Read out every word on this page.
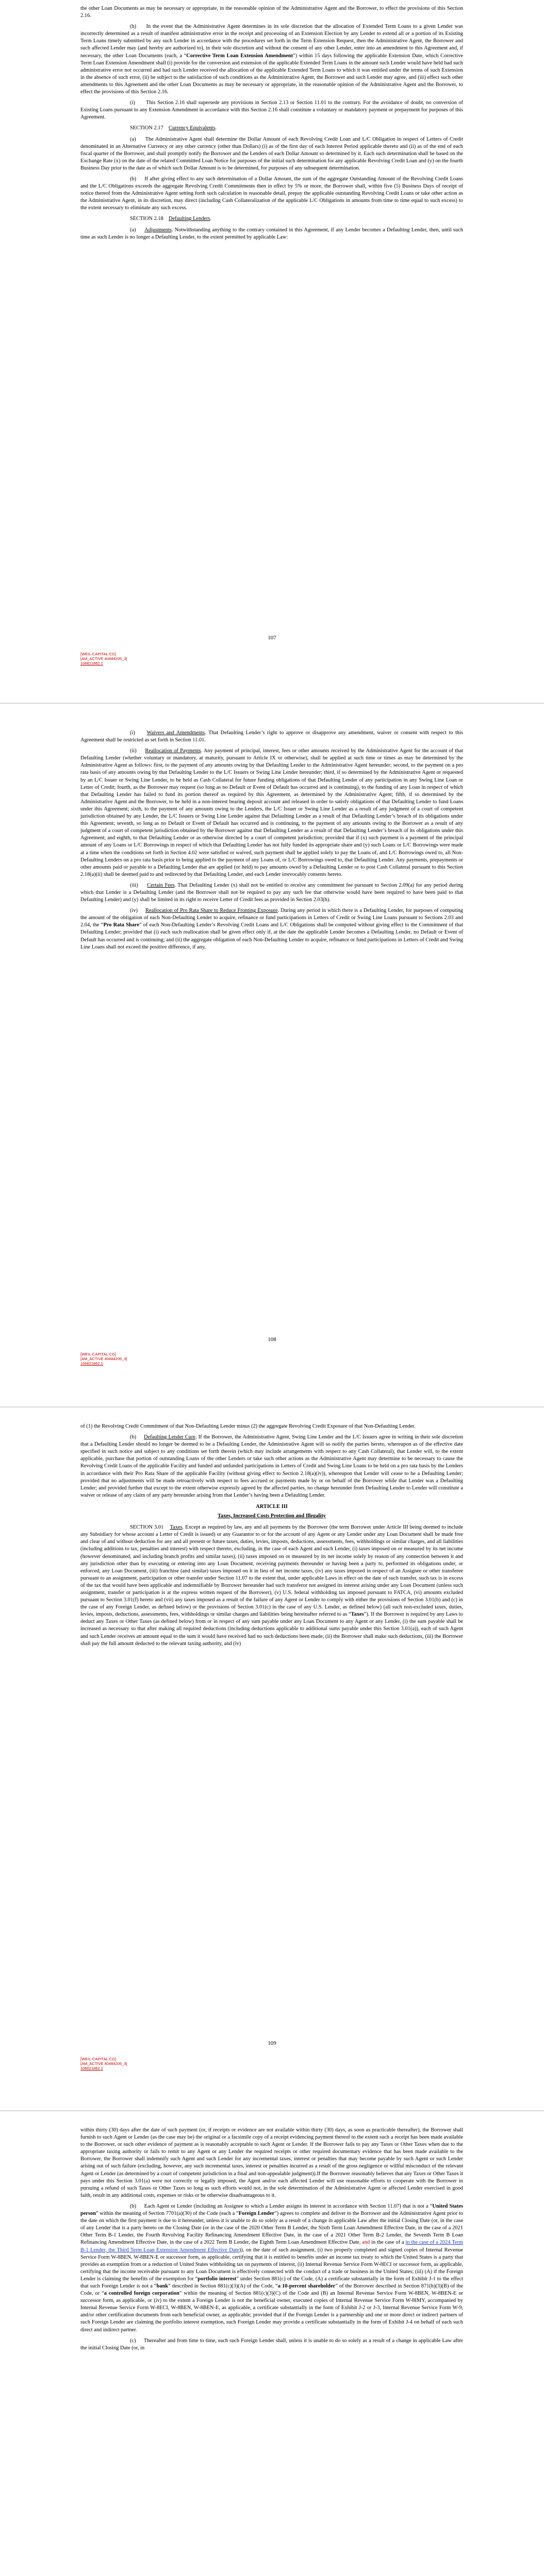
the other Loan Documents as may be necessary or appropriate, in the reasonable opinion of the Administrative Agent and the Borrower, to effect the provisions of this Section 2.16.

(h) In the event that the Administrative Agent determines in its sole discretion that the allocation of Extended Term Loans to a given Lender was incorrectly determined as a result of manifest administrative error in the receipt and processing of an Extension Election by any Lender to extend all or a portion of its Existing Term Loans timely submitted by any such Lender in accordance with the procedures set forth in the Term Extension Request, then the Administrative Agent, the Borrower and such affected Lender may (and hereby are authorized to), in their sole discretion and without the consent of any other Lender, enter into an amendment to this Agreement and, if necessary, the other Loan Documents (each, a “Corrective Term Loan Extension Amendment”) within 15 days following the applicable Extension Date, which Corrective Term Loan Extension Amendment shall (i) provide for the conversion and extension of the applicable Extended Term Loans in the amount such Lender would have held had such administrative error not occurred and had such Lender received the allocation of the applicable Extended Term Loans to which it was entitled under the terms of such Extension in the absence of such error, (ii) be subject to the satisfaction of such conditions as the Administrative Agent, the Borrower and such Lender may agree, and (iii) effect such other amendments to this Agreement and the other Loan Documents as may be necessary or appropriate, in the reasonable opinion of the Administrative Agent and the Borrower, to effect the provisions of this Section 2.16.

(i) This Section 2.16 shall supersede any provisions in Section 2.13 or Section 11.01 to the contrary. For the avoidance of doubt, no conversion of Existing Loans pursuant to any Extension Amendment in accordance with this Section 2.16 shall constitute a voluntary or mandatory payment or prepayment for purposes of this Agreement.

SECTION 2.17 Currency Equivalents.

(a) The Administrative Agent shall determine the Dollar Amount of each Revolving Credit Loan and L/C Obligation in respect of Letters of Credit denominated in an Alternative Currency or any other currency (other than Dollars) (i) as of the first day of each Interest Period applicable thereto and (ii) as of the end of each fiscal quarter of the Borrower, and shall promptly notify the Borrower and the Lenders of each Dollar Amount so determined by it. Each such determination shall be based on the Exchange Rate (x) on the date of the related Committed Loan Notice for purposes of the initial such determination for any applicable Revolving Credit Loan and (y) on the fourth Business Day prior to the date as of which such Dollar Amount is to be determined, for purposes of any subsequent determination.

(b) If after giving effect to any such determination of a Dollar Amount, the sum of the aggregate Outstanding Amount of the Revolving Credit Loans and the L/C Obligations exceeds the aggregate Revolving Credit Commitments then in effect by 5% or more, the Borrower shall, within five (5) Business Days of receipt of notice thereof from the Administrative Agent setting forth such calculation in reasonable detail, prepay the applicable outstanding Revolving Credit Loans or take other action as the Administrative Agent, in its discretion, may direct (including Cash Collateralization of the applicable L/C Obligations in amounts from time to time equal to such excess) to the extent necessary to eliminate any such excess.

SECTION 2.18 Defaulting Lenders.

(a) Adjustments. Notwithstanding anything to the contrary contained in this Agreement, if any Lender becomes a Defaulting Lender, then, until such time as such Lender is no longer a Defaulting Lender, to the extent permitted by applicable Law:

[WEIL-CAPITAL:CG]
[AM_ACTIVE 40484205_3]
106621862.1
107

(i) Waivers and Amendments. That Defaulting Lender’s right to approve or disapprove any amendment, waiver or consent with respect to this Agreement shall be restricted as set forth in Section 11.01.

(ii) Reallocation of Payments. Any payment of principal, interest, fees or other amounts received by the Administrative Agent for the account of that Defaulting Lender (whether voluntary or mandatory, at maturity, pursuant to Article IX or otherwise), shall be applied at such time or times as may be determined by the Administrative Agent as follows: first, to the payment of any amounts owing by that Defaulting Lender to the Administrative Agent hereunder; second, to the payment on a pro rata basis of any amounts owing by that Defaulting Lender to the L/C Issuers or Swing Line Lender hereunder; third, if so determined by the Administrative Agent or requested by an L/C Issuer or Swing Line Lender, to be held as Cash Collateral for future funding obligations of that Defaulting Lender of any participation in any Swing Line Loan or Letter of Credit; fourth, as the Borrower may request (so long as no Default or Event of Default has occurred and is continuing), to the funding of any Loan in respect of which that Defaulting Lender has failed to fund its portion thereof as required by this Agreement, as determined by the Administrative Agent; fifth, if so determined by the Administrative Agent and the Borrower, to be held in a non-interest bearing deposit account and released in order to satisfy obligations of that Defaulting Lender to fund Loans under this Agreement; sixth, to the payment of any amounts owing to the Lenders, the L/C Issuer or Swing Line Lender as a result of any judgment of a court of competent jurisdiction obtained by any Lender, the L/C Issuers or Swing Line Lender against that Defaulting Lender as a result of that Defaulting Lender’s breach of its obligations under this Agreement; seventh, so long as no Default or Event of Default has occurred and is continuing, to the payment of any amounts owing to the Borrower as a result of any judgment of a court of competent jurisdiction obtained by the Borrower against that Defaulting Lender as a result of that Defaulting Lender’s breach of its obligations under this Agreement; and eighth, to that Defaulting Lender or as otherwise directed by a court of competent jurisdiction; provided that if (x) such payment is a payment of the principal amount of any Loans or L/C Borrowings in respect of which that Defaulting Lender has not fully funded its appropriate share and (y) such Loans or L/C Borrowings were made at a time when the conditions set forth in Section 4.02 were satisfied or waived, such payment shall be applied solely to pay the Loans of, and L/C Borrowings owed to, all Non-Defaulting Lenders on a pro rata basis prior to being applied to the payment of any Loans of, or L/C Borrowings owed to, that Defaulting Lender. Any payments, prepayments or other amounts paid or payable to a Defaulting Lender that are applied (or held) to pay amounts owed by a Defaulting Lender or to post Cash Collateral pursuant to this Section 2.18(a)(ii) shall be deemed paid to and redirected by that Defaulting Lender, and each Lender irrevocably consents hereto.

(iii) Certain Fees. That Defaulting Lender (x) shall not be entitled to receive any commitment fee pursuant to Section 2.09(a) for any period during which that Lender is a Defaulting Lender (and the Borrower shall not be required to pay any such fee that otherwise would have been required to have been paid to that Defaulting Lender) and (y) shall be limited in its right to receive Letter of Credit fees as provided in Section 2.03(h).

(iv) Reallocation of Pro Rata Share to Reduce Fronting Exposure. During any period in which there is a Defaulting Lender, for purposes of computing the amount of the obligation of each Non-Defaulting Lender to acquire, refinance or fund participations in Letters of Credit or Swing Line Loans pursuant to Sections 2.03 and 2.04, the “Pro Rata Share” of each Non-Defaulting Lender’s Revolving Credit Loans and L/C Obligations shall be computed without giving effect to the Commitment of that Defaulting Lender; provided that (i) each such reallocation shall be given effect only if, at the date the applicable Lender becomes a Defaulting Lender, no Default or Event of Default has occurred and is continuing; and (ii) the aggregate obligation of each Non-Defaulting Lender to acquire, refinance or fund participations in Letters of Credit and Swing Line Loans shall not exceed the positive difference, if any,

[WEIL-CAPITAL:CG]
[AM_ACTIVE 40484205_3]
106621862.1
108

of (1) the Revolving Credit Commitment of that Non-Defaulting Lender minus (2) the aggregate Revolving Credit Exposure of that Non-Defaulting Lender.

(b) Defaulting Lender Cure. If the Borrower, the Administrative Agent, Swing Line Lender and the L/C Issuers agree in writing in their sole discretion that a Defaulting Lender should no longer be deemed to be a Defaulting Lender, the Administrative Agent will so notify the parties hereto, whereupon as of the effective date specified in such notice and subject to any conditions set forth therein (which may include arrangements with respect to any Cash Collateral), that Lender will, to the extent applicable, purchase that portion of outstanding Loans of the other Lenders or take such other actions as the Administrative Agent may determine to be necessary to cause the Revolving Credit Loans of the applicable Facility and funded and unfunded participations in Letters of Credit and Swing Line Loans to be held on a pro rata basis by the Lenders in accordance with their Pro Rata Share of the applicable Facility (without giving effect to Section 2.18(a)(iv)), whereupon that Lender will cease to be a Defaulting Lender; provided that no adjustments will be made retroactively with respect to fees accrued or payments made by or on behalf of the Borrower while that Lender was a Defaulting Lender; and provided further that except to the extent otherwise expressly agreed by the affected parties, no change hereunder from Defaulting Lender to Lender will constitute a waiver or release of any claim of any party hereunder arising from that Lender’s having been a Defaulting Lender.

ARTICLE III
Taxes, Increased Costs Protection and Illegality

SECTION 3.01 Taxes. Except as required by law, any and all payments by the Borrower (the term Borrower under Article III being deemed to include any Subsidiary for whose account a Letter of Credit is issued) or any Guarantor to or for the account of any Agent or any Lender under any Loan Document shall be made free and clear of and without deduction for any and all present or future taxes, duties, levies, imposts, deductions, assessments, fees, withholdings or similar charges, and all liabilities (including additions to tax, penalties and interest) with respect thereto, excluding, in the case of each Agent and each Lender, (i) taxes imposed on or measured by its net income (however denominated, and including branch profits and similar taxes), (ii) taxes imposed on or measured by its net income solely by reason of any connection between it and any jurisdiction other than by executing or entering into any Loan Document, receiving payments thereunder or having been a party to, performed its obligations under, or enforced, any Loan Document, (iii) franchise (and similar) taxes imposed on it in lieu of net income taxes, (iv) any taxes imposed in respect of an Assignee or other transferee pursuant to an assignment, participation or other transfer under Section 11.07 to the extent that, under applicable Laws in effect on the date of such transfer, such tax is in excess of the tax that would have been applicable and indemnifiable by Borrower hereunder had such transferor not assigned its interest arising under any Loan Document (unless such assignment, transfer or participation is at the express written request of the Borrower), (v) U.S. federal withholding tax imposed pursuant to FATCA, (vi) amounts excluded pursuant to Section 3.01(f) hereto and (vii) any taxes imposed as a result of the failure of any Agent or Lender to comply with either the provisions of Section 3.01(b) and (c) in the case of any Foreign Lender, as defined below) or the provisions of Section 3.01(c) in the case of any U.S. Lender, as defined below) (all such non-excluded taxes, duties, levies, imposts, deductions, assessments, fees, withholdings or similar charges and liabilities being hereinafter referred to as “Taxes”). If the Borrower is required by any Laws to deduct any Taxes or Other Taxes (as defined below) from or in respect of any sum payable under any Loan Document to any Agent or any Lender, (i) the sum payable shall be increased as necessary so that after making all required deductions (including deductions applicable to additional sums payable under this Section 3.01(a)), each of such Agent and such Lender receives an amount equal to the sum it would have received had no such deductions been made, (ii) the Borrower shall make such deductions, (iii) the Borrower shall pay the full amount deducted to the relevant taxing authority, and (iv)

[WEIL-CAPITAL:CG]
[AM_ACTIVE 40484205_3]
106621862.1
109

within thirty (30) days after the date of such payment (or, if receipts or evidence are not available within thirty (30) days, as soon as practicable thereafter), the Borrower shall furnish to such Agent or Lender (as the case may be) the original or a facsimile copy of a receipt evidencing payment thereof to the extent such a receipt has been made available to the Borrower, or such other evidence of payment as is reasonably acceptable to such Agent or Lender. If the Borrower fails to pay any Taxes or Other Taxes when due to the appropriate taxing authority or fails to remit to any Agent or any Lender the required receipts or other required documentary evidence that has been made available to the Borrower, the Borrower shall indemnify such Agent and such Lender for any incremental taxes, interest or penalties that may become payable by such Agent or such Lender arising out of such failure (excluding, however, any such incremental taxes, interest or penalties incurred as a result of the gross negligence or willful misconduct of the relevant Agent or Lender (as determined by a court of competent jurisdiction in a final and non-appealable judgment)).If the Borrower reasonably believes that any Taxes or Other Taxes it pays under this Section 3.01(a) were not correctly or legally imposed, the Agent and/or each affected Lender will use reasonable efforts to cooperate with the Borrower in pursuing a refund of such Taxes or Other Taxes so long as such efforts would not, in the sole determination of the Administrative Agent or affected Lender exercised in good faith, result in any additional costs, expenses or risks or be otherwise disadvantageous to it.

(b) Each Agent or Lender (including an Assignee to which a Lender assigns its interest in accordance with Section 11.07) that is not a “United States person” within the meaning of Section 7701(a)(30) of the Code (each a “Foreign Lender”) agrees to complete and deliver to the Borrower and the Administrative Agent prior to the date on which the first payment is due to it hereunder, unless it is unable to do so solely as a result of a change in applicable Law after the initial Closing Date (or, in the case of any Lender that is a party hereto on the Closing Date (or in the case of the 2020 Other Term B Lender, the Sixth Term Loan Amendment Effective Date, in the case of a 2021 Other Term B-1 Lender, the Fourth Revolving Facility Refinancing Amendment Effective Date, in the case of a 2021 Other Term B-2 Lender, the Seventh Term B Loan Refinancing Amendment Effective Date, in the case of a 2022 Term B Lender, the Eighth Term Loan Amendment Effective Date, and in the case of a in the case of a 2024 Term B-1 Lender, the Third Term Loan Extension Amendment Effective Date)), on the date of such assignment, (i) two properly completed and signed copies of Internal Revenue Service Form W-8BEN, W-8BEN-E or successor form, as applicable, certifying that it is entitled to benefits under an income tax treaty to which the United States is a party that provides an exemption from or a reduction of United States withholding tax on payments of interest, (ii) Internal Revenue Service Form W-8ECI or successor form, as applicable, certifying that the income receivable pursuant to any Loan Document is effectively connected with the conduct of a trade or business in the United States; (iii) (A) if the Foreign Lender is claiming the benefits of the exemption for “portfolio interest” under Section 881(c) of the Code, (A) a certificate substantially in the form of Exhibit J-1 to the effect that such Foreign Lender is not a “bank” described in Section 881(c)(3)(A) of the Code, “a 10-percent shareholder” of the Borrower described in Section 871(h)(3)(B) of the Code, or “a controlled foreign corporation” within the meaning of Section 881(c)(3)(C) of the Code and (B) an Internal Revenue Service Form W-8BEN, W-8BEN-E or successor form, as applicable, or (iv) to the extent a Foreign Lender is not the beneficial owner, executed copies of Internal Revenue Service Form W-8IMY, accompanied by Internal Revenue Service Form W-8ECI, W-8BEN, W-8BEN-E, as applicable, a certificate substantially in the form of Exhibit J-2 or J-3, Internal Revenue Service Form W-9, and/or other certification documents from each beneficial owner, as applicable; provided that if the Foreign Lender is a partnership and one or more direct or indirect partners of such Foreign Lender are claiming the portfolio interest exemption, such Foreign Lender may provide a certificate substantially in the form of Exhibit J-4 on behalf of each such direct and indirect partner.

(c) Thereafter and from time to time, each such Foreign Lender shall, unless it is unable to do so solely as a result of a change in applicable Law after the initial Closing Date (or, in
